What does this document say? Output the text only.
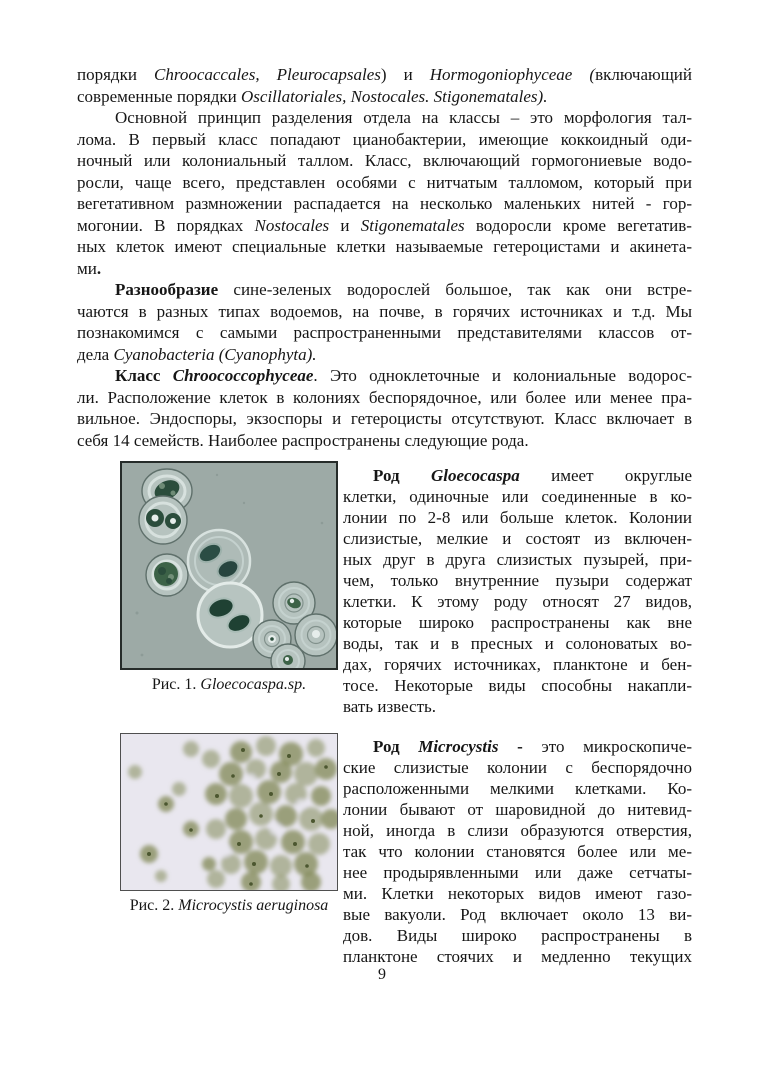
порядки Chroocaccales, Pleurocapsales) и Hormogoniophyceae (включающий
современные порядки Oscillatoriales, Nostocales. Stigonematales).
Основной принцип разделения отдела на классы – это морфология тал-
лома. В первый класс попадают цианобактерии, имеющие коккоидный оди-
ночный или колониальный таллом. Класс, включающий гормогониевые водо-
росли, чаще всего, представлен особями с нитчатым талломом, который при
вегетативном размножении распадается на несколько маленьких нитей - гор-
могонии. В порядках Nostocales и Stigonematales водоросли кроме вегетатив-
ных клеток имеют специальные клетки называемые гетероцистами и акинета-
ми.
Разнообразие сине-зеленых водорослей большое, так как они встре-
чаются в разных типах водоемов, на почве, в горячих источниках и т.д. Мы
познакомимся с самыми распространенными представителями классов от-
дела Cyanobacteria (Cyanophyta).
Класс Chroococcophyceae. Это одноклеточные и колониальные водорос-
ли. Расположение клеток в колониях беспорядочное, или более или менее пра-
вильное. Эндоспоры, экзоспоры и гетероцисты отсутствуют. Класс включает в
себя 14 семейств. Наиболее распространены следующие рода.
Рис. 1. Gloecocaspa.sp.
Род Gloecocaspa имеет округлые
клетки, одиночные или соединенные в ко-
лонии по 2-8 или больше клеток. Колонии
слизистые, мелкие и состоят из включен-
ных друг в друга слизистых пузырей, при-
чем, только внутренние пузыри содержат
клетки. К этому роду относят 27 видов,
которые широко распространены как вне
воды, так и в пресных и солоноватых во-
дах, горячих источниках, планктоне и бен-
тосе. Некоторые виды способны накапли-
вать известь.
Рис. 2. Microcystis aeruginosa
Род Microcystis - это микроскопиче-
ские слизистые колонии с беспорядочно
расположенными мелкими клетками. Ко-
лонии бывают от шаровидной до нитевид-
ной, иногда в слизи образуются отверстия,
так что колонии становятся более или ме-
нее продырявленными или даже сетчаты-
ми. Клетки некоторых видов имеют газо-
вые вакуоли. Род включает около 13 ви-
дов. Виды широко распространены в
планктоне стоячих и медленно текущих
9
